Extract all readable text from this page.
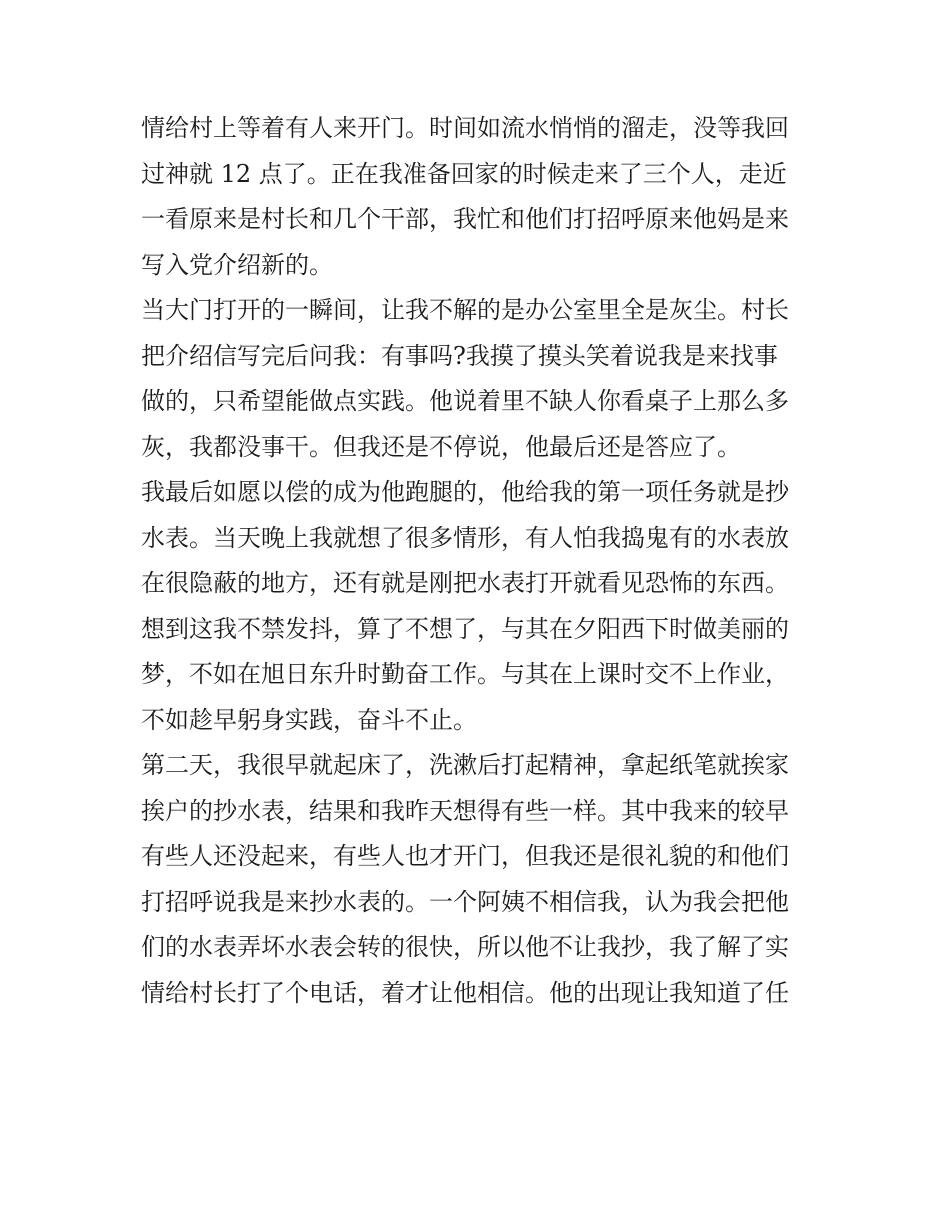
情给村上等着有人来开门。时间如流水悄悄的溜走，没等我回
过神就 12 点了。正在我准备回家的时候走来了三个人，走近
一看原来是村长和几个干部，我忙和他们打招呼原来他妈是来
写入党介绍新的。
当大门打开的一瞬间，让我不解的是办公室里全是灰尘。村长
把介绍信写完后问我：有事吗?我摸了摸头笑着说我是来找事
做的，只希望能做点实践。他说着里不缺人你看桌子上那么多
灰，我都没事干。但我还是不停说，他最后还是答应了。
我最后如愿以偿的成为他跑腿的，他给我的第一项任务就是抄
水表。当天晚上我就想了很多情形，有人怕我捣鬼有的水表放
在很隐蔽的地方，还有就是刚把水表打开就看见恐怖的东西。
想到这我不禁发抖，算了不想了，与其在夕阳西下时做美丽的
梦，不如在旭日东升时勤奋工作。与其在上课时交不上作业，
不如趁早躬身实践，奋斗不止。
第二天，我很早就起床了，洗漱后打起精神，拿起纸笔就挨家
挨户的抄水表，结果和我昨天想得有些一样。其中我来的较早
有些人还没起来，有些人也才开门，但我还是很礼貌的和他们
打招呼说我是来抄水表的。一个阿姨不相信我，认为我会把他
们的水表弄坏水表会转的很快，所以他不让我抄，我了解了实
情给村长打了个电话，着才让他相信。他的出现让我知道了任
